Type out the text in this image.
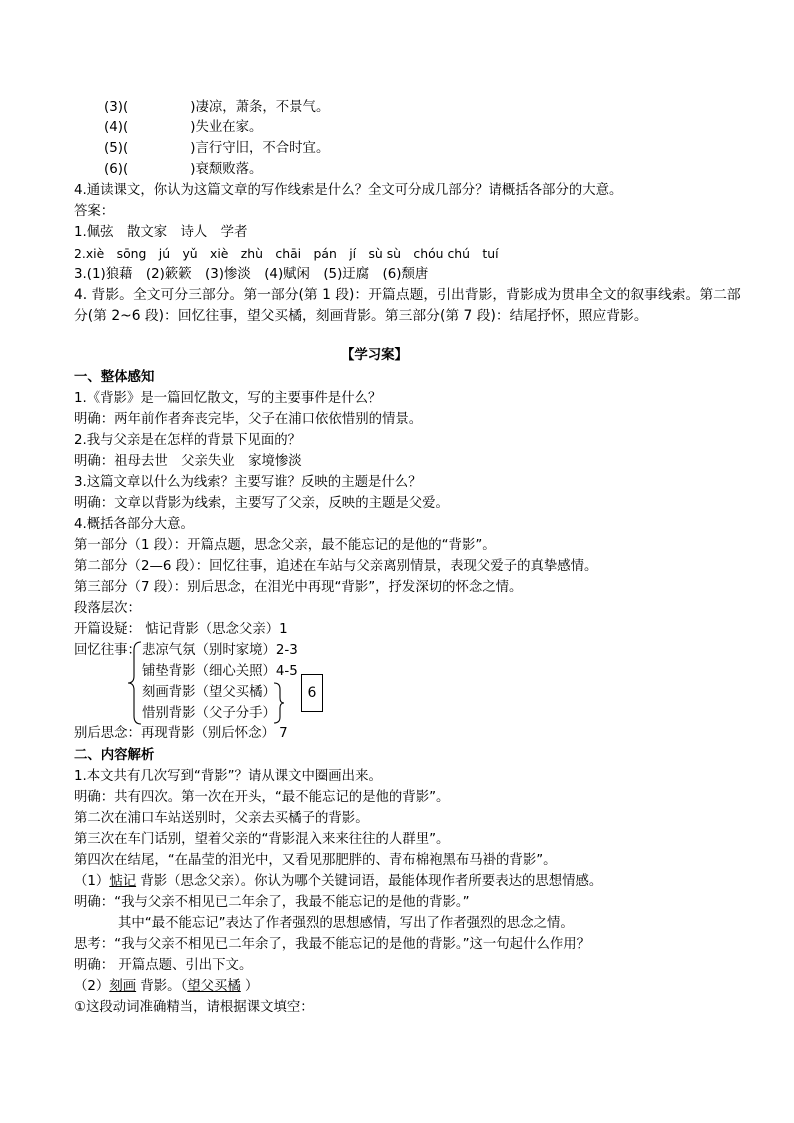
(3)(	)凄凉，萧条，不景气。
(4)(	)失业在家。
(5)(	)言行守旧，不合时宜。
(6)(	)衰颓败落。
4.通读课文，你认为这篇文章的写作线索是什么？全文可分成几部分？请概括各部分的大意。
答案：
1.佩弦　散文家　诗人　学者
2.xiè　sōng　jú　yǔ　xiè　zhù　chāi　pán　jí　sù sù　chóu chú　tuí
3.(1)狼藉　(2)簌簌　(3)惨淡　(4)赋闲　(5)迂腐　(6)颓唐
4. 背影。全文可分三部分。第一部分(第 1 段)：开篇点题，引出背影，背影成为贯串全文的叙事线索。第二部
分(第 2~6 段)：回忆往事，望父买橘，刻画背影。第三部分(第 7 段)：结尾抒怀，照应背影。
【学习案】
一、整体感知
1.《背影》是一篇回忆散文，写的主要事件是什么？
明确：两年前作者奔丧完毕，父子在浦口依依惜别的情景。
2.我与父亲是在怎样的背景下见面的？
明确：祖母去世　父亲失业　家境惨淡
3.这篇文章以什么为线索？主要写谁？反映的主题是什么？
明确：文章以背影为线索，主要写了父亲，反映的主题是父爱。
4.概括各部分大意。
第一部分（1 段）：开篇点题，思念父亲，最不能忘记的是他的“背影”。
第二部分（2—6 段）：回忆往事，追述在车站与父亲离别情景，表现父爱子的真挚感情。
第三部分（7 段）：别后思念，在泪光中再现“背影”，抒发深切的怀念之情。
段落层次：
开篇设疑： 惦记背影（思念父亲）1
回忆往事： 悲凉气氛（别时家境）2-3
铺垫背影（细心关照）4-5
刻画背影（望父买橘）
惜别背影（父子分手）
6
别后思念：再现背影（别后怀念） 7
二、内容解析
1.本文共有几次写到“背影”？请从课文中圈画出来。
明确：共有四次。第一次在开头，“最不能忘记的是他的背影”。
第二次在浦口车站送别时，父亲去买橘子的背影。
第三次在车门话别，望着父亲的“背影混入来来往往的人群里”。
第四次在结尾，“在晶莹的泪光中，又看见那肥胖的、青布棉袍黑布马褂的背影”。
（1）惦记 背影（思念父亲）。你认为哪个关键词语，最能体现作者所要表达的思想情感。
明确：“我与父亲不相见已二年余了，我最不能忘记的是他的背影。”
其中“最不能忘记”表达了作者强烈的思想感情，写出了作者强烈的思念之情。
思考：“我与父亲不相见已二年余了，我最不能忘记的是他的背影。”这一句起什么作用？
明确： 开篇点题、引出下文。
（2）刻画 背影。（望父买橘 ）
①这段动词准确精当，请根据课文填空：
